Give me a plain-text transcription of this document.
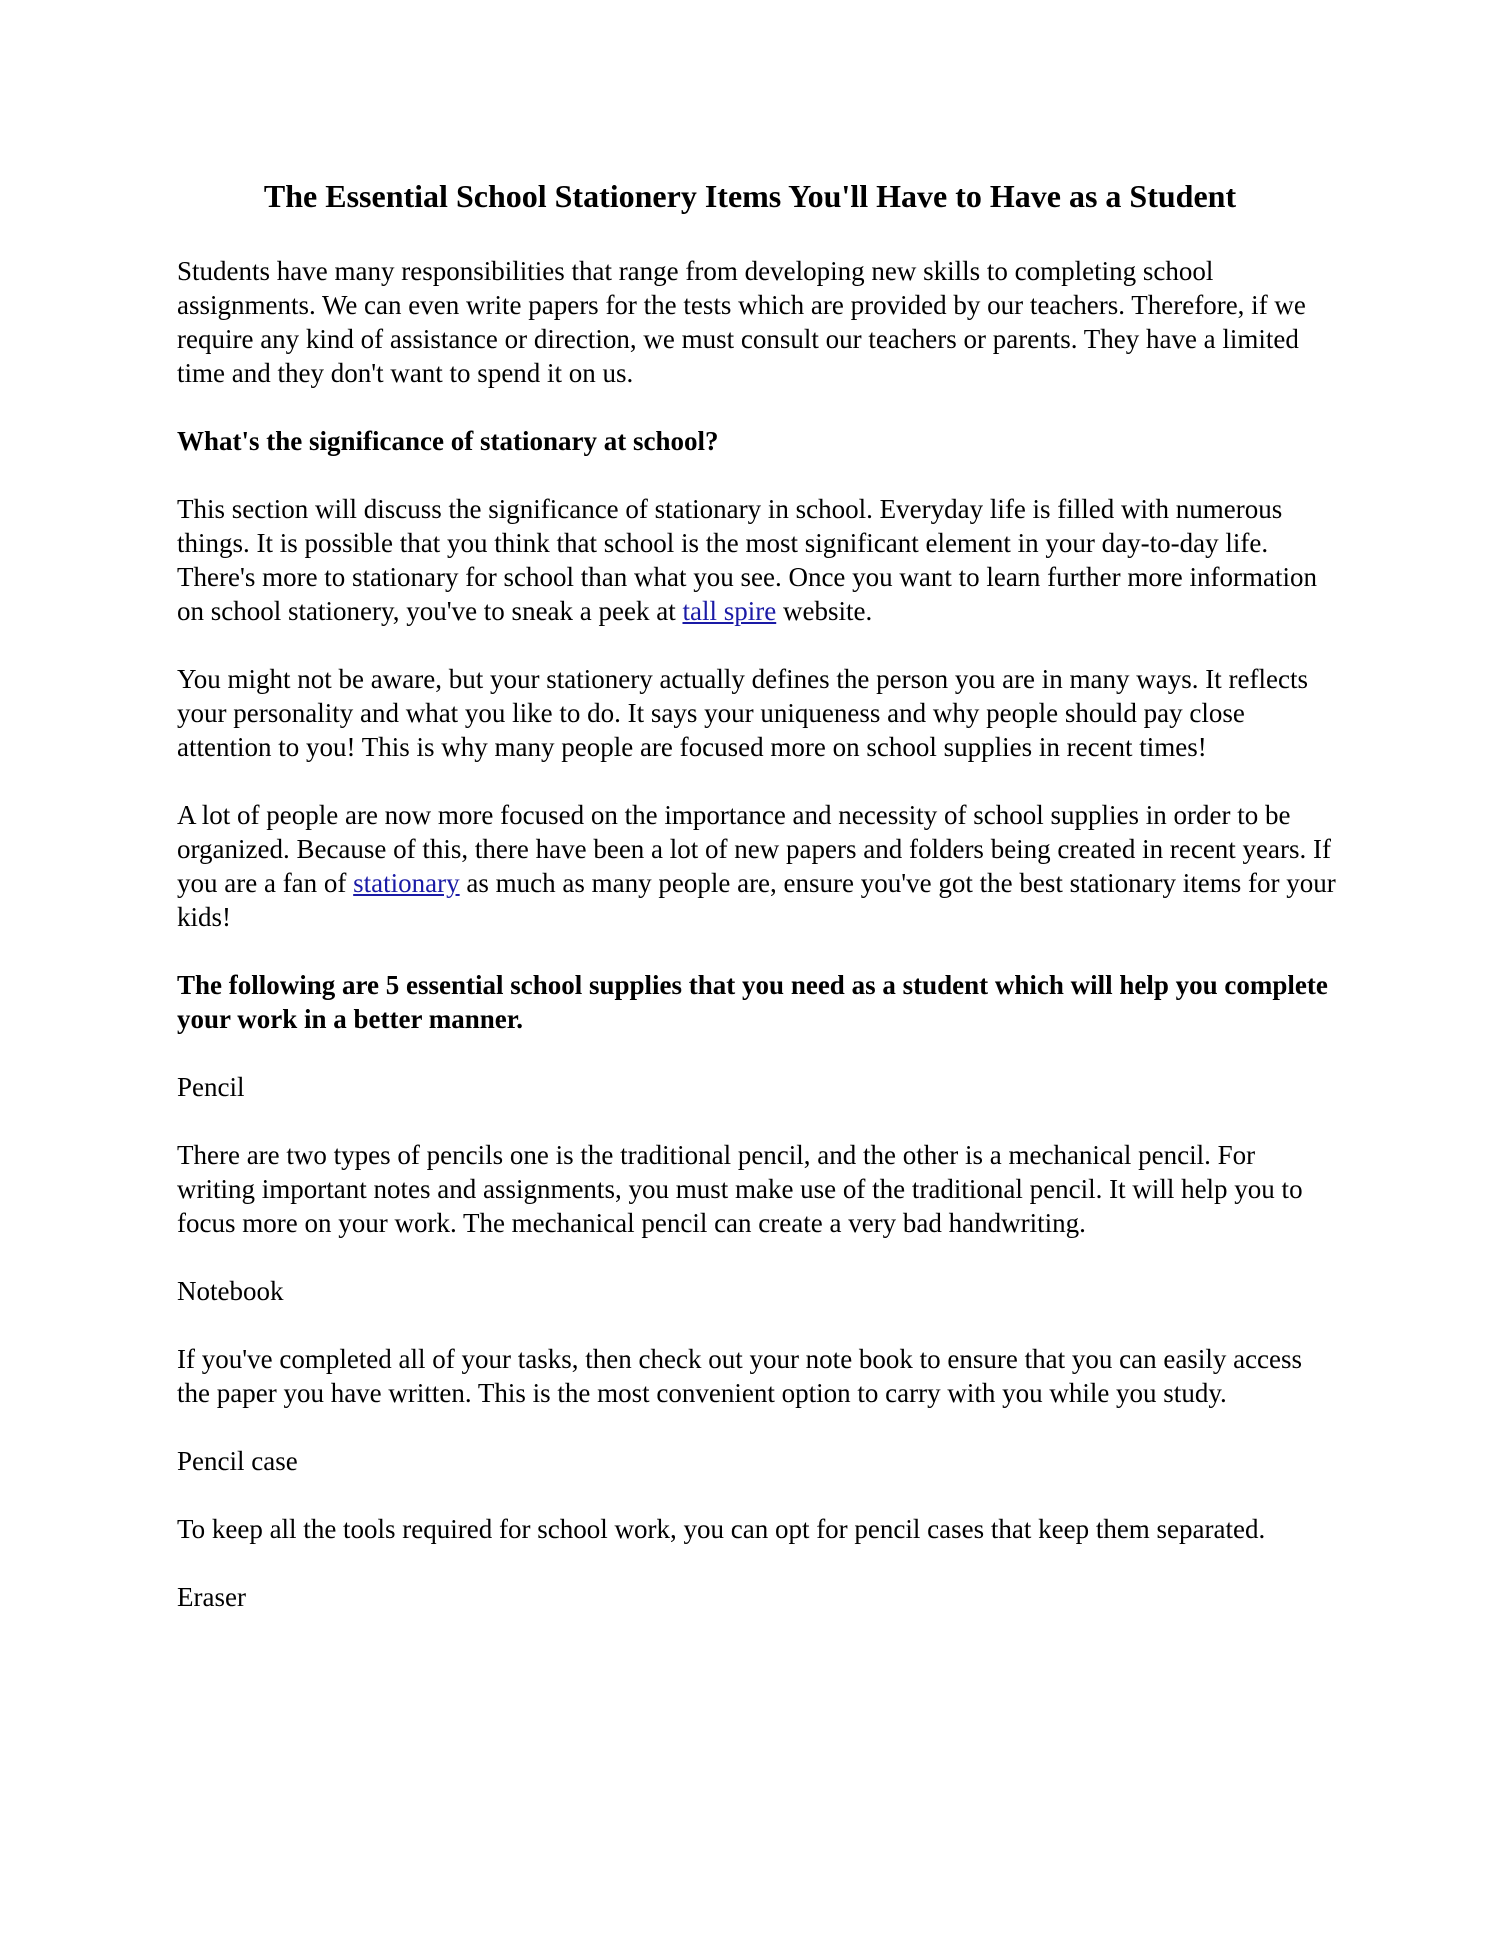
The Essential School Stationery Items You'll Have to Have as a Student

Students have many responsibilities that range from developing new skills to completing school assignments. We can even write papers for the tests which are provided by our teachers. Therefore, if we require any kind of assistance or direction, we must consult our teachers or parents. They have a limited time and they don't want to spend it on us.

What's the significance of stationary at school?

This section will discuss the significance of stationary in school. Everyday life is filled with numerous things. It is possible that you think that school is the most significant element in your day-to-day life. There's more to stationary for school than what you see. Once you want to learn further more information on school stationery, you've to sneak a peek at tall spire website.

You might not be aware, but your stationery actually defines the person you are in many ways. It reflects your personality and what you like to do. It says your uniqueness and why people should pay close attention to you! This is why many people are focused more on school supplies in recent times!

A lot of people are now more focused on the importance and necessity of school supplies in order to be organized. Because of this, there have been a lot of new papers and folders being created in recent years. If you are a fan of stationary as much as many people are, ensure you've got the best stationary items for your kids!

The following are 5 essential school supplies that you need as a student which will help you complete your work in a better manner.

Pencil

There are two types of pencils one is the traditional pencil, and the other is a mechanical pencil. For writing important notes and assignments, you must make use of the traditional pencil. It will help you to focus more on your work. The mechanical pencil can create a very bad handwriting.

Notebook

If you've completed all of your tasks, then check out your note book to ensure that you can easily access the paper you have written. This is the most convenient option to carry with you while you study.

Pencil case

To keep all the tools required for school work, you can opt for pencil cases that keep them separated.

Eraser
